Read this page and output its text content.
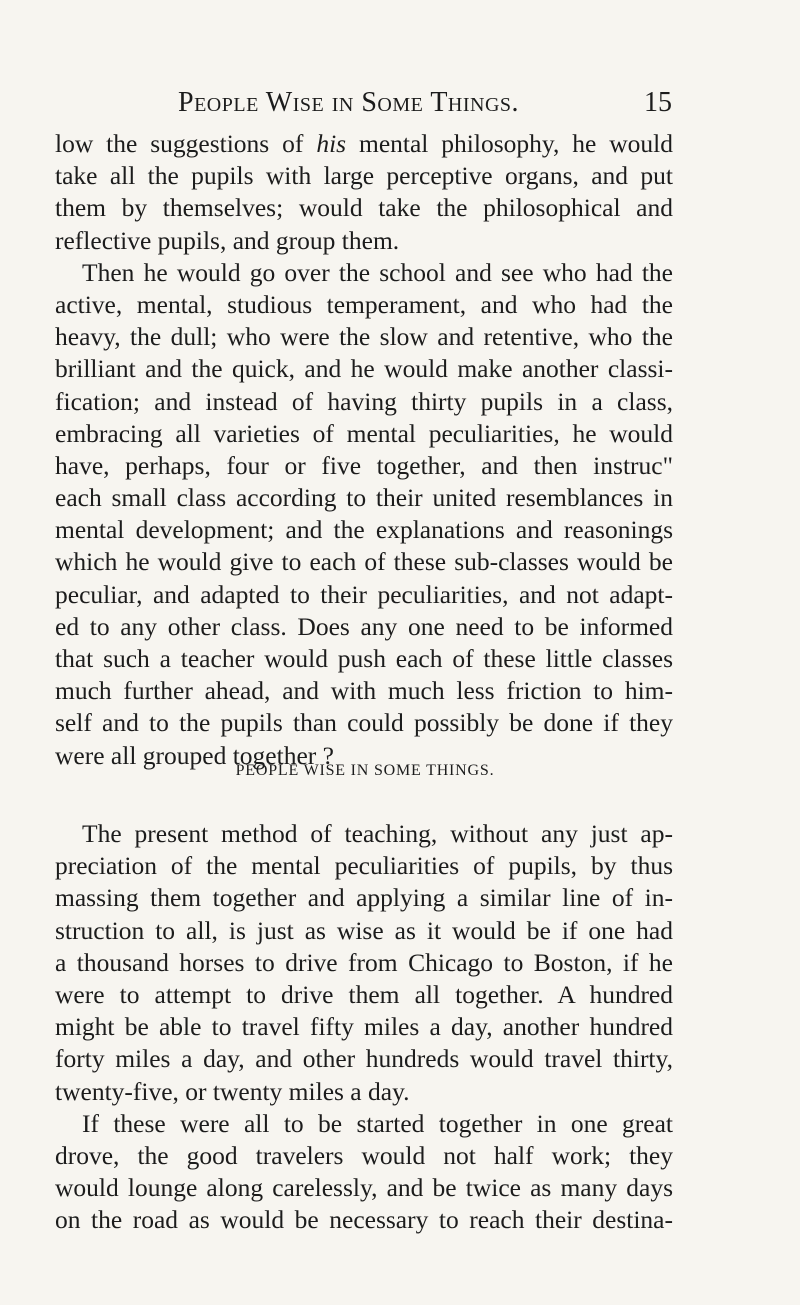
People Wise in Some Things.	15
low the suggestions of his mental philosophy, he would
take all the pupils with large perceptive organs, and put
them by themselves; would take the philosophical and
reflective pupils, and group them.
Then he would go over the school and see who had the
active, mental, studious temperament, and who had the
heavy, the dull; who were the slow and retentive, who the
brilliant and the quick, and he would make another classi-
fication; and instead of having thirty pupils in a class,
embracing all varieties of mental peculiarities, he would
have, perhaps, four or five together, and then instruc"
each small class according to their united resemblances in
mental development; and the explanations and reasonings
which he would give to each of these sub-classes would be
peculiar, and adapted to their peculiarities, and not adapt-
ed to any other class. Does any one need to be informed
that such a teacher would push each of these little classes
much further ahead, and with much less friction to him-
self and to the pupils than could possibly be done if they
were all grouped together ?
PEOPLE WISE IN SOME THINGS.
The present method of teaching, without any just ap-
preciation of the mental peculiarities of pupils, by thus
massing them together and applying a similar line of in-
struction to all, is just as wise as it would be if one had
a thousand horses to drive from Chicago to Boston, if he
were to attempt to drive them all together. A hundred
might be able to travel fifty miles a day, another hundred
forty miles a day, and other hundreds would travel thirty,
twenty-five, or twenty miles a day.
If these were all to be started together in one great
drove, the good travelers would not half work; they
would lounge along carelessly, and be twice as many days
on the road as would be necessary to reach their destina-
